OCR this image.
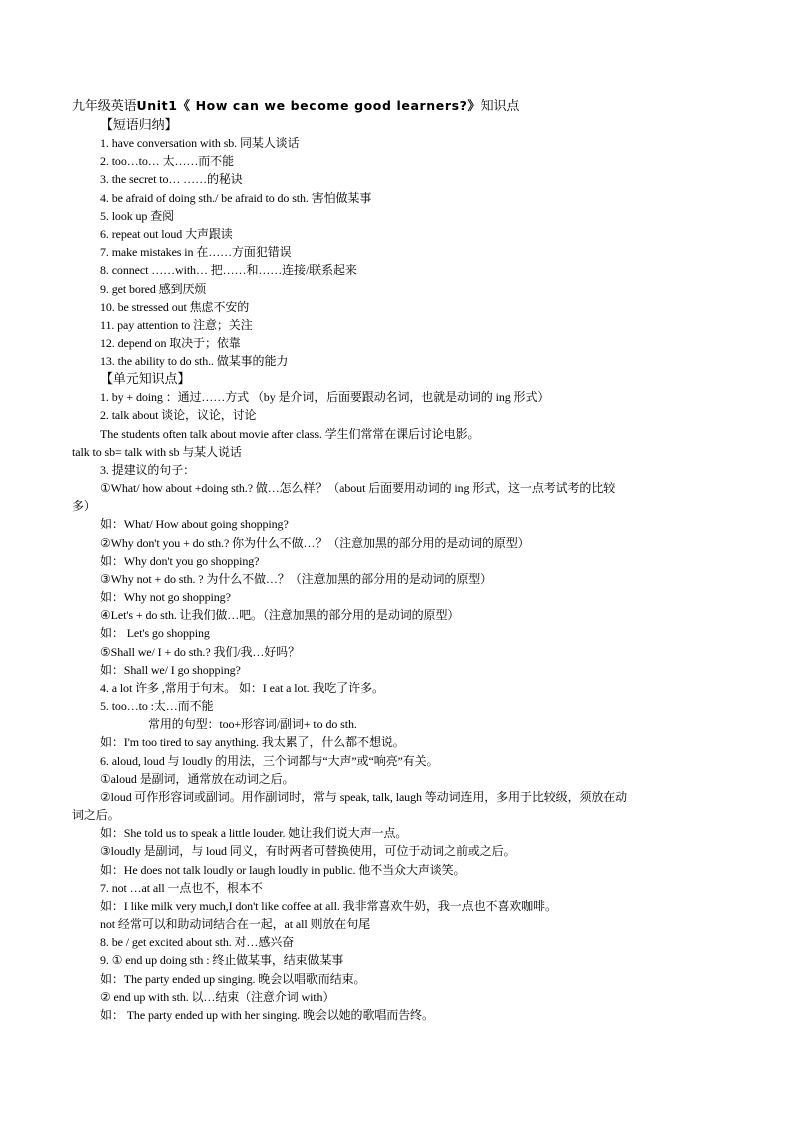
九年级英语Unit1《 How can we become good learners?》知识点
【短语归纳】
1. have conversation with sb. 同某人谈话
2. too…to… 太……而不能
3. the secret to… ……的秘诀
4. be afraid of doing sth./ be afraid to do sth. 害怕做某事
5. look up 查阅
6. repeat out loud 大声跟读
7. make mistakes in 在……方面犯错误
8. connect ……with… 把……和……连接/联系起来
9. get bored 感到厌烦
10. be stressed out 焦虑不安的
11. pay attention to 注意；关注
12. depend on 取决于；依靠
13. the ability to do sth.. 做某事的能力
【单元知识点】
1. by + doing ：通过……方式 （by 是介词，后面要跟动名词，也就是动词的 ing 形式）
2. talk about 谈论，议论，讨论
The students often talk about movie after class. 学生们常常在课后讨论电影。
talk to sb= talk with sb 与某人说话
3. 提建议的句子：
①What/ how about +doing sth.? 做…怎么样？（about 后面要用动词的 ing 形式，这一点考试考的比较
多）
如：What/ How about going shopping?
②Why don't you + do sth.? 你为什么不做…？（注意加黑的部分用的是动词的原型）
如：Why don't you go shopping?
③Why not + do sth. ? 为什么不做…？（注意加黑的部分用的是动词的原型）
如：Why not go shopping?
④Let's + do sth. 让我们做…吧。（注意加黑的部分用的是动词的原型）
如： Let's go shopping
⑤Shall we/ I + do sth.? 我们/我…好吗？
如：Shall we/ I go shopping?
4. a lot 许多 ,常用于句末。 如：I eat a lot. 我吃了许多。
5. too…to :太…而不能
常用的句型：too+形容词/副词+ to do sth.
如：I'm too tired to say anything. 我太累了，什么都不想说。
6. aloud, loud 与 loudly 的用法，三个词都与“大声”或“响亮”有关。
①aloud 是副词，通常放在动词之后。
②loud 可作形容词或副词。用作副词时，常与 speak, talk, laugh 等动词连用，多用于比较级，须放在动
词之后。
如：She told us to speak a little louder. 她让我们说大声一点。
③loudly 是副词，与 loud 同义，有时两者可替换使用，可位于动词之前或之后。
如：He does not talk loudly or laugh loudly in public. 他不当众大声谈笑。
7. not …at all 一点也不，根本不
如：I like milk very much,I don't like coffee at all. 我非常喜欢牛奶，我一点也不喜欢咖啡。
not 经常可以和助动词结合在一起，at all 则放在句尾
8. be / get excited about sth. 对…感兴奋
9. ① end up doing sth : 终止做某事，结束做某事
如：The party ended up singing. 晚会以唱歌而结束。
② end up with sth. 以…结束（注意介词 with）
如： The party ended up with her singing. 晚会以她的歌唱而告终。
